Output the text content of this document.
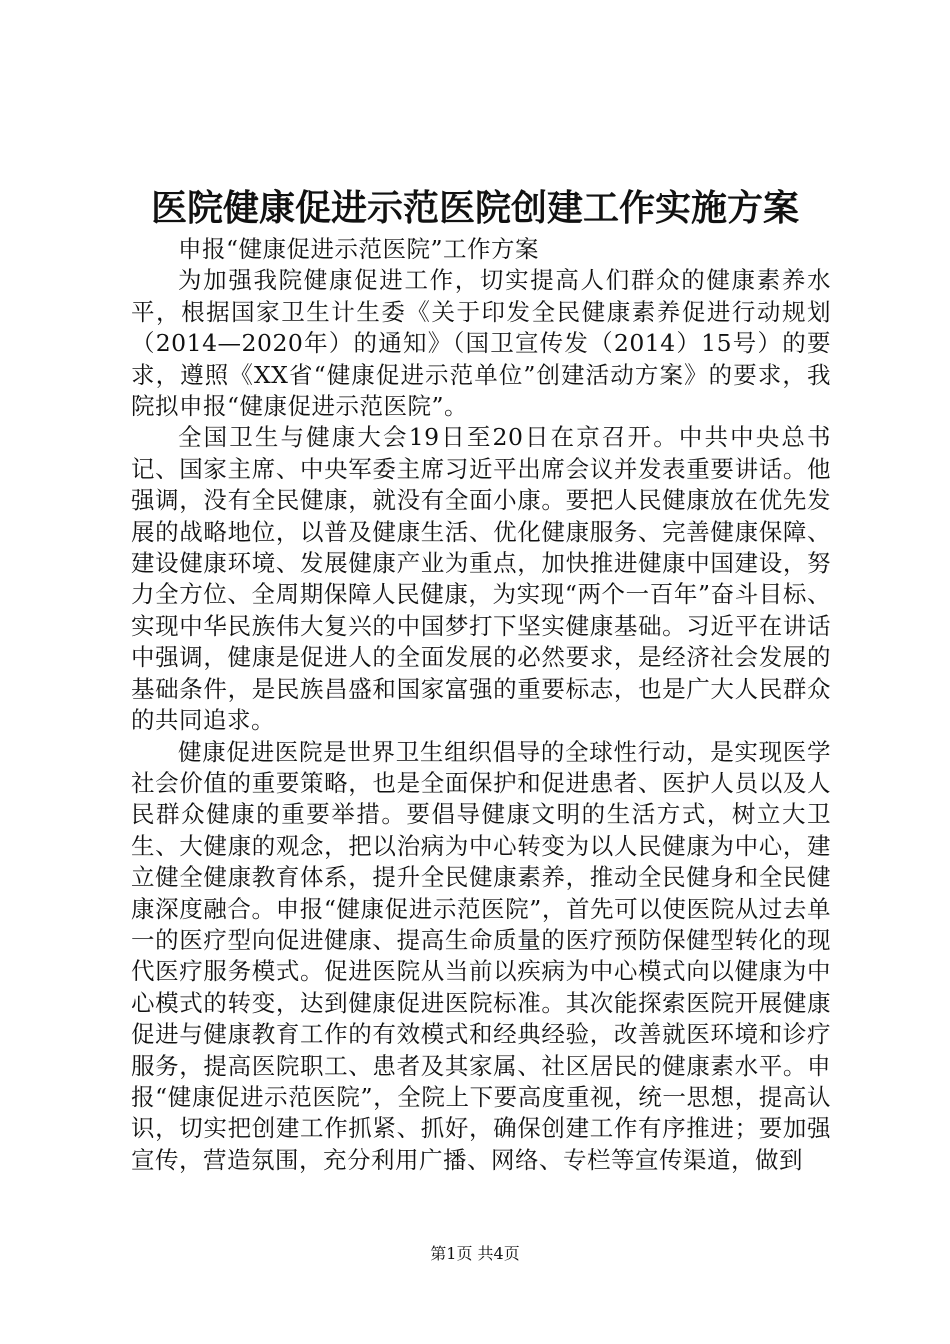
医院健康促进示范医院创建工作实施方案

申报“健康促进示范医院”工作方案

为加强我院健康促进工作，切实提高人们群众的健康素养水平，根据国家卫生计生委《关于印发全民健康素养促进行动规划（2014—2020年）的通知》（国卫宣传发（2014）15号）的要求，遵照《XX省“健康促进示范单位”创建活动方案》的要求，我院拟申报“健康促进示范医院”。

全国卫生与健康大会19日至20日在京召开。中共中央总书记、国家主席、中央军委主席习近平出席会议并发表重要讲话。他强调，没有全民健康，就没有全面小康。要把人民健康放在优先发展的战略地位，以普及健康生活、优化健康服务、完善健康保障、建设健康环境、发展健康产业为重点，加快推进健康中国建设，努力全方位、全周期保障人民健康，为实现“两个一百年”奋斗目标、实现中华民族伟大复兴的中国梦打下坚实健康基础。习近平在讲话中强调，健康是促进人的全面发展的必然要求，是经济社会发展的基础条件，是民族昌盛和国家富强的重要标志，也是广大人民群众的共同追求。

健康促进医院是世界卫生组织倡导的全球性行动，是实现医学社会价值的重要策略，也是全面保护和促进患者、医护人员以及人民群众健康的重要举措。要倡导健康文明的生活方式，树立大卫生、大健康的观念，把以治病为中心转变为以人民健康为中心，建立健全健康教育体系，提升全民健康素养，推动全民健身和全民健康深度融合。申报“健康促进示范医院”，首先可以使医院从过去单一的医疗型向促进健康、提高生命质量的医疗预防保健型转化的现代医疗服务模式。促进医院从当前以疾病为中心模式向以健康为中心模式的转变，达到健康促进医院标准。其次能探索医院开展健康促进与健康教育工作的有效模式和经典经验，改善就医环境和诊疗服务，提高医院职工、患者及其家属、社区居民的健康素水平。申报“健康促进示范医院”，全院上下要高度重视，统一思想，提高认识，切实把创建工作抓紧、抓好，确保创建工作有序推进；要加强宣传，营造氛围，充分利用广播、网络、专栏等宣传渠道，做到

第1页 共4页
